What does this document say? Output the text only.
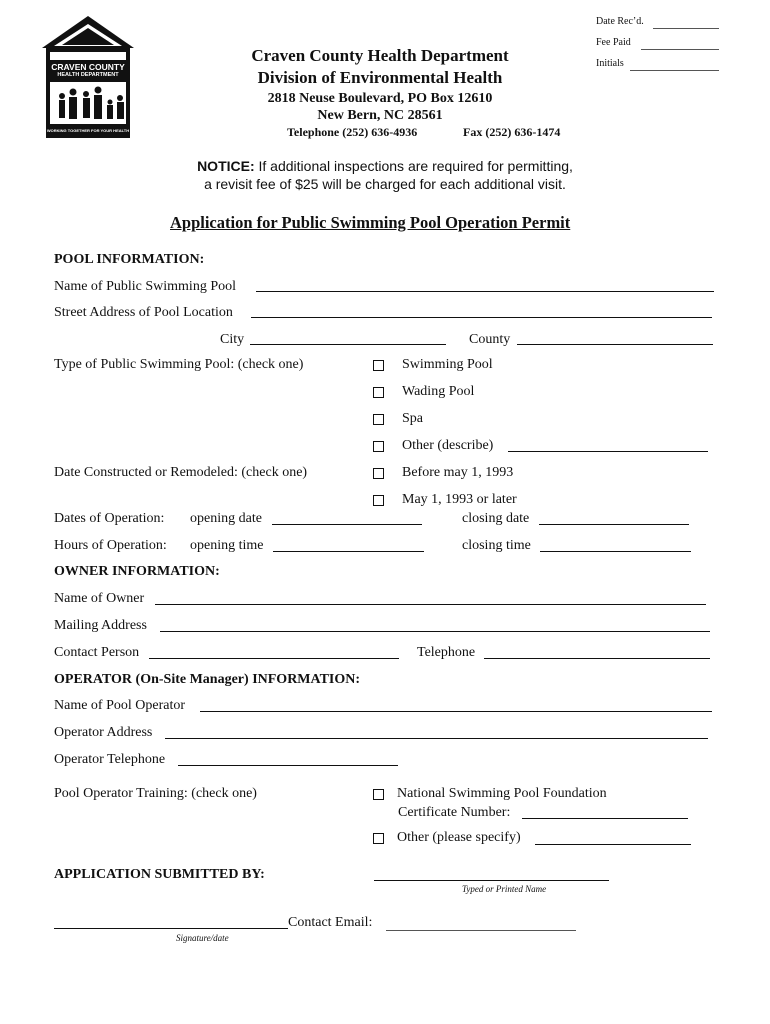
CRAVEN COUNTY
HEALTH DEPARTMENT
WORKING TOGETHER FOR YOUR HEALTH
Craven County Health Department
Division of Environmental Health
2818 Neuse Boulevard, PO Box 12610
New Bern, NC 28561
Telephone (252) 636-4936	Fax (252) 636-1474
Date Rec’d.
Fee Paid
Initials
NOTICE: If additional inspections are required for permitting,
a revisit fee of $25 will be charged for each additional visit.
Application for Public Swimming Pool Operation Permit
POOL INFORMATION:
Name of Public Swimming Pool
Street Address of Pool Location
City	County
Type of Public Swimming Pool: (check one)	Swimming Pool
Wading Pool
Spa
Other (describe)
Date Constructed or Remodeled: (check one)	Before may 1, 1993
May 1, 1993 or later
Dates of Operation: opening date	closing date
Hours of Operation: opening time	closing time
OWNER INFORMATION:
Name of Owner
Mailing Address
Contact Person	Telephone
OPERATOR (On-Site Manager) INFORMATION:
Name of Pool Operator
Operator Address
Operator Telephone
Pool Operator Training: (check one)	National Swimming Pool Foundation
Certificate Number:
Other (please specify)
APPLICATION SUBMITTED BY:
Typed or Printed Name
Contact Email:
Signature/date
